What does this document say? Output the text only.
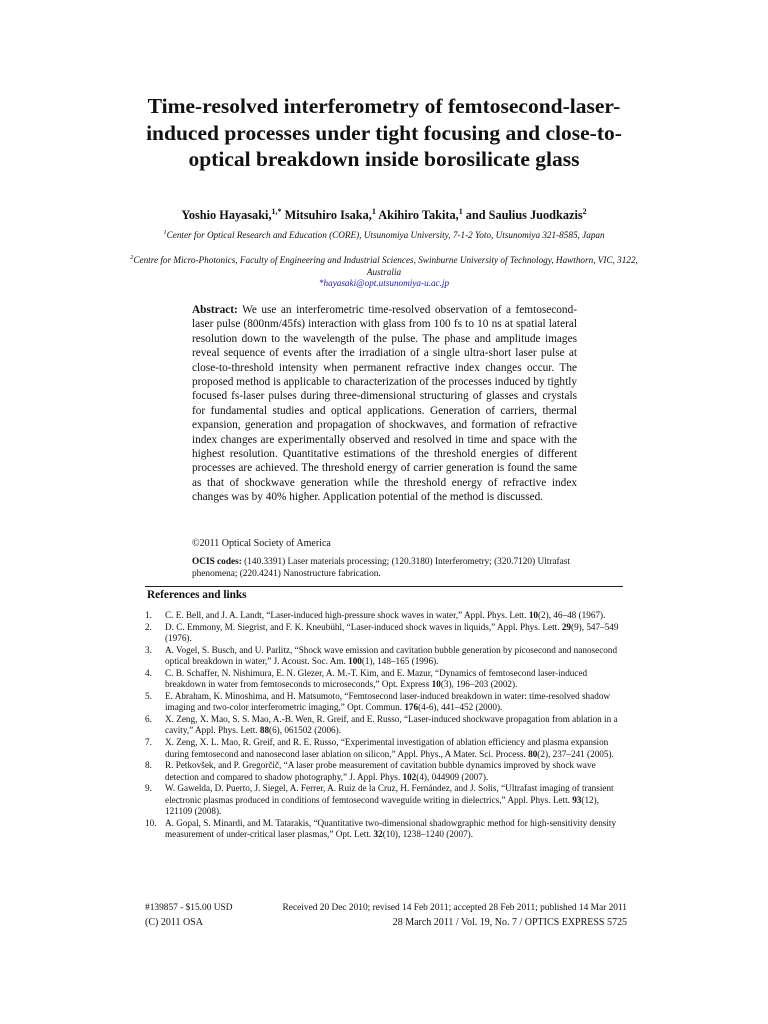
Time-resolved interferometry of femtosecond-laser-induced processes under tight focusing and close-to-optical breakdown inside borosilicate glass
Yoshio Hayasaki,$^{1,*}$ Mitsuhiro Isaka,$^1$ Akihiro Takita,$^1$ and Saulius Juodkazis$^2$
$^1$Center for Optical Research and Education (CORE), Utsunomiya University, 7-1-2 Yoto, Utsunomiya 321-8585, Japan
$^2$Centre for Micro-Photonics, Faculty of Engineering and Industrial Sciences, Swinburne University of Technology, Hawthorn, VIC, 3122, Australia
*hayasaki@opt.utsunomiya-u.ac.jp
Abstract: We use an interferometric time-resolved observation of a femtosecond-laser pulse (800nm/45fs) interaction with glass from 100 fs to 10 ns at spatial lateral resolution down to the wavelength of the pulse. The phase and amplitude images reveal sequence of events after the irradiation of a single ultra-short laser pulse at close-to-threshold intensity when permanent refractive index changes occur. The proposed method is applicable to characterization of the processes induced by tightly focused fs-laser pulses during three-dimensional structuring of glasses and crystals for fundamental studies and optical applications. Generation of carriers, thermal expansion, generation and propagation of shockwaves, and formation of refractive index changes are experimentally observed and resolved in time and space with the highest resolution. Quantitative estimations of the threshold energies of different processes are achieved. The threshold energy of carrier generation is found the same as that of shockwave generation while the threshold energy of refractive index changes was by 40% higher. Application potential of the method is discussed.
©2011 Optical Society of America
OCIS codes: (140.3391) Laser materials processing; (120.3180) Interferometry; (320.7120) Ultrafast phenomena; (220.4241) Nanostructure fabrication.
References and links
1.	C. E. Bell, and J. A. Landt, “Laser-induced high-pressure shock waves in water,” Appl. Phys. Lett. 10(2), 46–48 (1967).
2.	D. C. Emmony, M. Siegrist, and F. K. Kneubühl, “Laser-induced shock waves in liquids,” Appl. Phys. Lett. 29(9), 547–549 (1976).
3.	A. Vogel, S. Busch, and U. Parlitz, “Shock wave emission and cavitation bubble generation by picosecond and nanosecond optical breakdown in water,” J. Acoust. Soc. Am. 100(1), 148–165 (1996).
4.	C. B. Schaffer, N. Nishimura, E. N. Glezer, A. M.-T. Kim, and E. Mazur, “Dynamics of femtosecond laser-induced breakdown in water from femtoseconds to microseconds,” Opt. Express 10(3), 196–203 (2002).
5.	E. Abraham, K. Minoshima, and H. Matsumoto, “Femtosecond laser-induced breakdown in water: time-resolved shadow imaging and two-color interferometric imaging,” Opt. Commun. 176(4-6), 441–452 (2000).
6.	X. Zeng, X. Mao, S. S. Mao, A.-B. Wen, R. Greif, and E. Russo, “Laser-induced shockwave propagation from ablation in a cavity,” Appl. Phys. Lett. 88(6), 061502 (2006).
7.	X. Zeng, X. L. Mao, R. Greif, and R. E. Russo, “Experimental investigation of ablation efficiency and plasma expansion during femtosecond and nanosecond laser ablation on silicon,” Appl. Phys., A Mater. Sci. Process. 80(2), 237–241 (2005).
8.	R. Petkovšek, and P. Gregorčič, “A laser probe measurement of cavitation bubble dynamics improved by shock wave detection and compared to shadow photography,” J. Appl. Phys. 102(4), 044909 (2007).
9.	W. Gawelda, D. Puerto, J. Siegel, A. Ferrer, A. Ruiz de la Cruz, H. Fernández, and J. Solis, “Ultrafast imaging of transient electronic plasmas produced in conditions of femtosecond waveguide writing in dielectrics,” Appl. Phys. Lett. 93(12), 121109 (2008).
10. A. Gopal, S. Minardi, and M. Tatarakis, “Quantitative two-dimensional shadowgraphic method for high-sensitivity density measurement of under-critical laser plasmas,” Opt. Lett. 32(10), 1238–1240 (2007).
#139857 - $15.00 USD	Received 20 Dec 2010; revised 14 Feb 2011; accepted 28 Feb 2011; published 14 Mar 2011
(C) 2011 OSA	28 March 2011 / Vol. 19, No. 7 / OPTICS EXPRESS 5725
